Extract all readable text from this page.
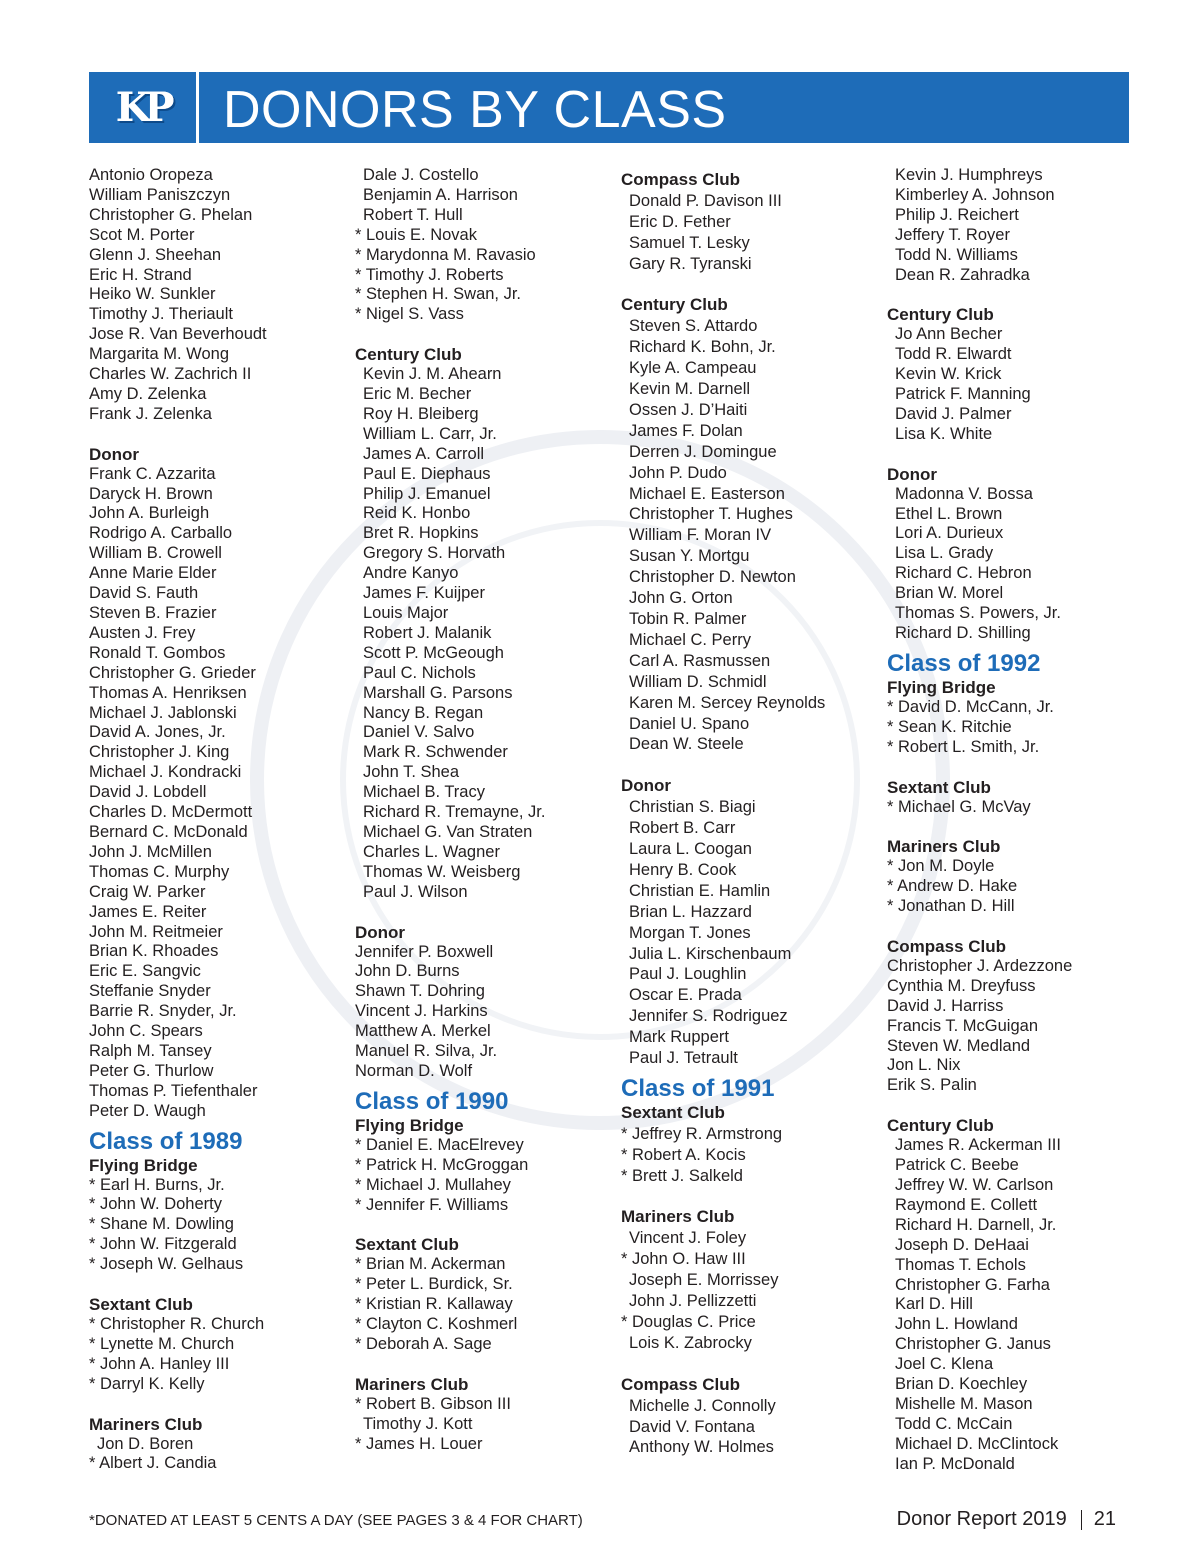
KP DONORS BY CLASS
Antonio Oropeza
William Paniszczyn
Christopher G. Phelan
Scot M. Porter
Glenn J. Sheehan
Eric H. Strand
Heiko W. Sunkler
Timothy J. Theriault
Jose R. Van Beverhoudt
Margarita M. Wong
Charles W. Zachrich II
Amy D. Zelenka
Frank J. Zelenka
Donor
Frank C. Azzarita
Daryck H. Brown
John A. Burleigh
Rodrigo A. Carballo
William B. Crowell
Anne Marie Elder
David S. Fauth
Steven B. Frazier
Austen J. Frey
Ronald T. Gombos
Christopher G. Grieder
Thomas A. Henriksen
Michael J. Jablonski
David A. Jones, Jr.
Christopher J. King
Michael J. Kondracki
David J. Lobdell
Charles D. McDermott
Bernard C. McDonald
John J. McMillen
Thomas C. Murphy
Craig W. Parker
James E. Reiter
John M. Reitmeier
Brian K. Rhoades
Eric E. Sangvic
Steffanie Snyder
Barrie R. Snyder, Jr.
John C. Spears
Ralph M. Tansey
Peter G. Thurlow
Thomas P. Tiefenthaler
Peter D. Waugh
Class of 1989
Flying Bridge
* Earl H. Burns, Jr.
* John W. Doherty
* Shane M. Dowling
* John W. Fitzgerald
* Joseph W. Gelhaus
Sextant Club
* Christopher R. Church
* Lynette M. Church
* John A. Hanley III
* Darryl K. Kelly
Mariners Club
Jon D. Boren
* Albert J. Candia
Dale J. Costello
Benjamin A. Harrison
Robert T. Hull
* Louis E. Novak
* Marydonna M. Ravasio
* Timothy J. Roberts
* Stephen H. Swan, Jr.
* Nigel S. Vass
Century Club
Kevin J. M. Ahearn
Eric M. Becher
Roy H. Bleiberg
William L. Carr, Jr.
James A. Carroll
Paul E. Diephaus
Philip J. Emanuel
Reid K. Honbo
Bret R. Hopkins
Gregory S. Horvath
Andre Kanyo
James F. Kuijper
Louis Major
Robert J. Malanik
Scott P. McGeough
Paul C. Nichols
Marshall G. Parsons
Nancy B. Regan
Daniel V. Salvo
Mark R. Schwender
John T. Shea
Michael B. Tracy
Richard R. Tremayne, Jr.
Michael G. Van Straten
Charles L. Wagner
Thomas W. Weisberg
Paul J. Wilson
Donor
Jennifer P. Boxwell
John D. Burns
Shawn T. Dohring
Vincent J. Harkins
Matthew A. Merkel
Manuel R. Silva, Jr.
Norman D. Wolf
Class of 1990
Flying Bridge
* Daniel E. MacElrevey
* Patrick H. McGroggan
* Michael J. Mullahey
* Jennifer F. Williams
Sextant Club
* Brian M. Ackerman
* Peter L. Burdick, Sr.
* Kristian R. Kallaway
* Clayton C. Koshmerl
* Deborah A. Sage
Mariners Club
* Robert B. Gibson III
Timothy J. Kott
* James H. Louer
Compass Club
Donald P. Davison III
Eric D. Fether
Samuel T. Lesky
Gary R. Tyranski
Century Club
Steven S. Attardo
Richard K. Bohn, Jr.
Kyle A. Campeau
Kevin M. Darnell
Ossen J. D’Haiti
James F. Dolan
Derren J. Domingue
John P. Dudo
Michael E. Easterson
Christopher T. Hughes
William F. Moran IV
Susan Y. Mortgu
Christopher D. Newton
John G. Orton
Tobin R. Palmer
Michael C. Perry
Carl A. Rasmussen
William D. Schmidl
Karen M. Sercey Reynolds
Daniel U. Spano
Dean W. Steele
Donor
Christian S. Biagi
Robert B. Carr
Laura L. Coogan
Henry B. Cook
Christian E. Hamlin
Brian L. Hazzard
Morgan T. Jones
Julia L. Kirschenbaum
Paul J. Loughlin
Oscar E. Prada
Jennifer S. Rodriguez
Mark Ruppert
Paul J. Tetrault
Class of 1991
Sextant Club
* Jeffrey R. Armstrong
* Robert A. Kocis
* Brett J. Salkeld
Mariners Club
Vincent J. Foley
* John O. Haw III
Joseph E. Morrissey
John J. Pellizzetti
* Douglas C. Price
Lois K. Zabrocky
Compass Club
Michelle J. Connolly
David V. Fontana
Anthony W. Holmes
Kevin J. Humphreys
Kimberley A. Johnson
Philip J. Reichert
Jeffery T. Royer
Todd N. Williams
Dean R. Zahradka
Century Club
Jo Ann Becher
Todd R. Elwardt
Kevin W. Krick
Patrick F. Manning
David J. Palmer
Lisa K. White
Donor
Madonna V. Bossa
Ethel L. Brown
Lori A. Durieux
Lisa L. Grady
Richard C. Hebron
Brian W. Morel
Thomas S. Powers, Jr.
Richard D. Shilling
Class of 1992
Flying Bridge
* David D. McCann, Jr.
* Sean K. Ritchie
* Robert L. Smith, Jr.
Sextant Club
* Michael G. McVay
Mariners Club
* Jon M. Doyle
* Andrew D. Hake
* Jonathan D. Hill
Compass Club
Christopher J. Ardezzone
Cynthia M. Dreyfuss
David J. Harriss
Francis T. McGuigan
Steven W. Medland
Jon L. Nix
Erik S. Palin
Century Club
James R. Ackerman III
Patrick C. Beebe
Jeffrey W. W. Carlson
Raymond E. Collett
Richard H. Darnell, Jr.
Joseph D. DeHaai
Thomas T. Echols
Christopher G. Farha
Karl D. Hill
John L. Howland
Christopher G. Janus
Joel C. Klena
Brian D. Koechley
Mishelle M. Mason
Todd C. McCain
Michael D. McClintock
Ian P. McDonald
*DONATED AT LEAST 5 CENTS A DAY (SEE PAGES 3 & 4 FOR CHART)	Donor Report 2019 21
